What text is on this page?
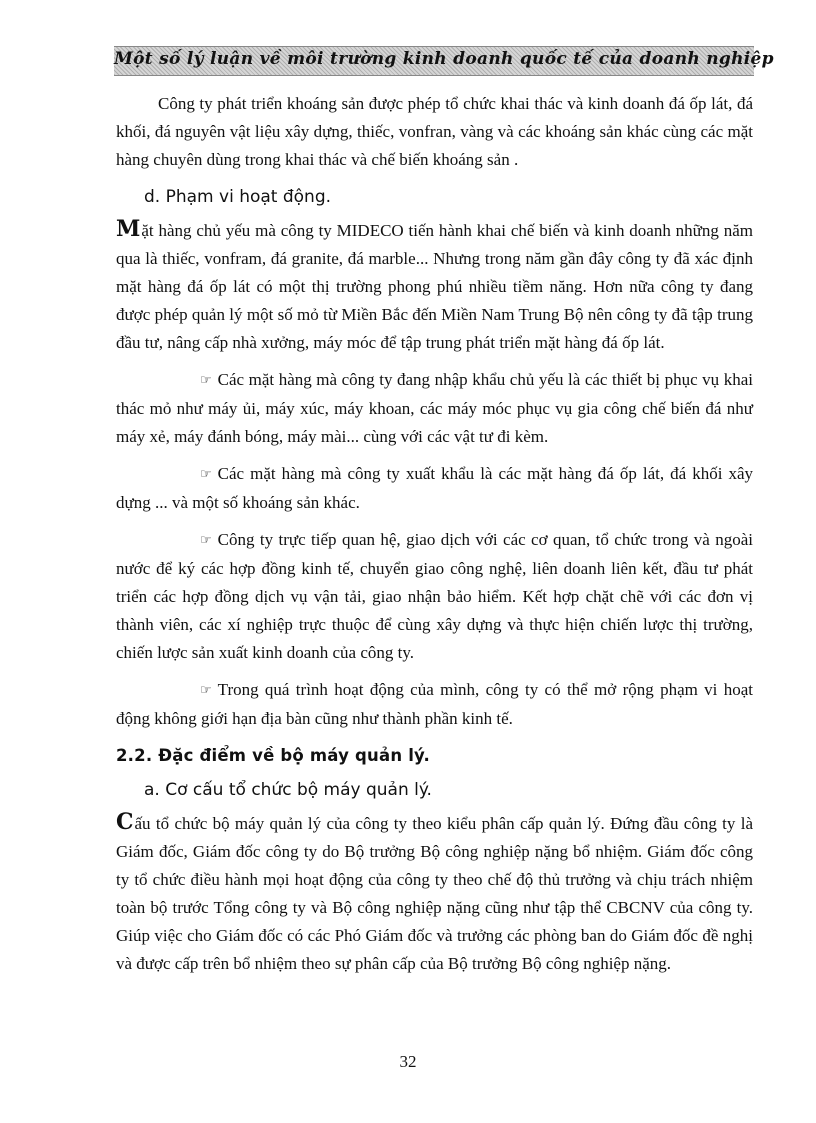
Một số lý luận về môi trường kinh doanh quốc tế của doanh nghiệp

Công ty phát triển khoáng sản được phép tổ chức khai thác và kinh doanh đá ốp lát, đá khối, đá nguyên vật liệu xây dựng, thiếc, vonfran, vàng và các khoáng sản khác cùng các mặt hàng chuyên dùng trong khai thác và chế biến khoáng sản .

d. Phạm vi hoạt động.

Mặt hàng chủ yếu mà công ty MIDECO tiến hành khai chế biến và kinh doanh những năm qua là thiếc, vonfram, đá granite, đá marble... Nhưng trong năm gần đây công ty đã xác định mặt hàng đá ốp lát có một thị trường phong phú nhiều tiềm năng. Hơn nữa công ty đang được phép quản lý một số mỏ từ Miền Bắc đến Miền Nam Trung Bộ nên công ty đã tập trung đầu tư, nâng cấp nhà xưởng, máy móc để tập trung phát triển mặt hàng đá ốp lát.

☞ Các mặt hàng mà công ty đang nhập khẩu chủ yếu là các thiết bị phục vụ khai thác mỏ như máy ủi, máy xúc, máy khoan, các máy móc phục vụ gia công chế biến đá như máy xẻ, máy đánh bóng, máy mài... cùng với các vật tư đi kèm.

☞ Các mặt hàng mà công ty xuất khẩu là các mặt hàng đá ốp lát, đá khối xây dựng ... và một số khoáng sản khác.

☞ Công ty trực tiếp quan hệ, giao dịch với các cơ quan, tổ chức trong và ngoài nước để ký các hợp đồng kinh tế, chuyển giao công nghệ, liên doanh liên kết, đầu tư phát triển các hợp đồng dịch vụ vận tải, giao nhận bảo hiểm. Kết hợp chặt chẽ với các đơn vị thành viên, các xí nghiệp trực thuộc để cùng xây dựng và thực hiện chiến lược thị trường, chiến lược sản xuất kinh doanh của công ty.

☞ Trong quá trình hoạt động của mình, công ty có thể mở rộng phạm vi hoạt động không giới hạn địa bàn cũng như thành phần kinh tế.

2.2. Đặc điểm về bộ máy quản lý.
a. Cơ cấu tổ chức bộ máy quản lý.

Cấu tổ chức bộ máy quản lý của công ty theo kiểu phân cấp quản lý. Đứng đầu công ty là Giám đốc, Giám đốc công ty do Bộ trưởng Bộ công nghiệp nặng bổ nhiệm. Giám đốc công ty tổ chức điều hành mọi hoạt động của công ty theo chế độ thủ trưởng và chịu trách nhiệm toàn bộ trước Tổng công ty và Bộ công nghiệp nặng cũng như tập thể CBCNV của công ty. Giúp việc cho Giám đốc có các Phó Giám đốc và trưởng các phòng ban do Giám đốc đề nghị và được cấp trên bổ nhiệm theo sự phân cấp của Bộ trưởng Bộ công nghiệp nặng.

32
